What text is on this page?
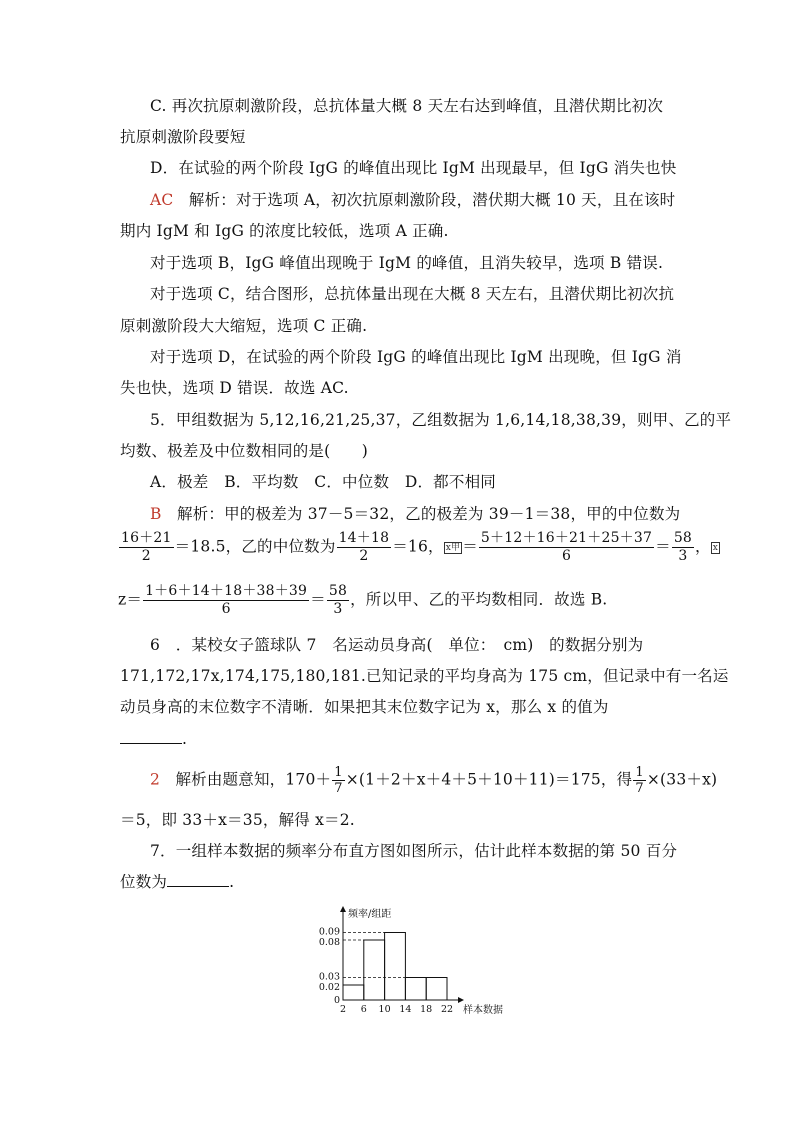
C. 再次抗原刺激阶段，总抗体量大概 8 天左右达到峰值，且潜伏期比初次
抗原刺激阶段要短
D．在试验的两个阶段 IgG 的峰值出现比 IgM 出现最早，但 IgG 消失也快
AC 解析：对于选项 A，初次抗原刺激阶段，潜伏期大概 10 天，且在该时
期内 IgM 和 IgG 的浓度比较低，选项 A 正确.
对于选项 B，IgG 峰值出现晚于 IgM 的峰值，且消失较早，选项 B 错误.
对于选项 C，结合图形，总抗体量出现在大概 8 天左右，且潜伏期比初次抗
原刺激阶段大大缩短，选项 C 正确.
对于选项 D，在试验的两个阶段 IgG 的峰值出现比 IgM 出现晚，但 IgG 消
失也快，选项 D 错误．故选 AC.
5．甲组数据为 5,12,16,21,25,37，乙组数据为 1,6,14,18,38,39，则甲、乙的平
均数、极差及中位数相同的是(　　)
A．极差　B．平均数　C．中位数　D．都不相同
B 解析：甲的极差为 37－5＝32，乙的极差为 39－1＝38，甲的中位数为
$\frac{16+21}{2} =18.5$，乙的中位数为 $\frac{14+18}{2} =16$， x甲 ＝ $\frac{5+12+16+21+25+37}{6} = \frac{58}{3}$ ， x
$z= \frac{1+6+14+18+38+39}{6} = \frac{58}{3}$ ，所以甲、乙的平均数相同．故选 B.
6　．某校女子篮球队 7　名运动员身高(　单位：　cm)　的数据分别为
171,172,17x,174,175,180,181.已知记录的平均身高为 175 cm，但记录中有一名运
动员身高的末位数字不清晰．如果把其末位数字记为 x，那么 x 的值为
.
2 解析由题意知，$170+ \frac{1}{7} \times(1+2+x+4+5+10+11)=175$，得 $\frac{1}{7} \times(33+x)$
＝5，即 33＋x＝35，解得 x＝2.
7．一组样本数据的频率分布直方图如图所示，估计此样本数据的第 50 百分
位数为	.
0
0.02
0.03
0.08
0.09
2 6 10 14 18 22
频率/组距
样本数据
